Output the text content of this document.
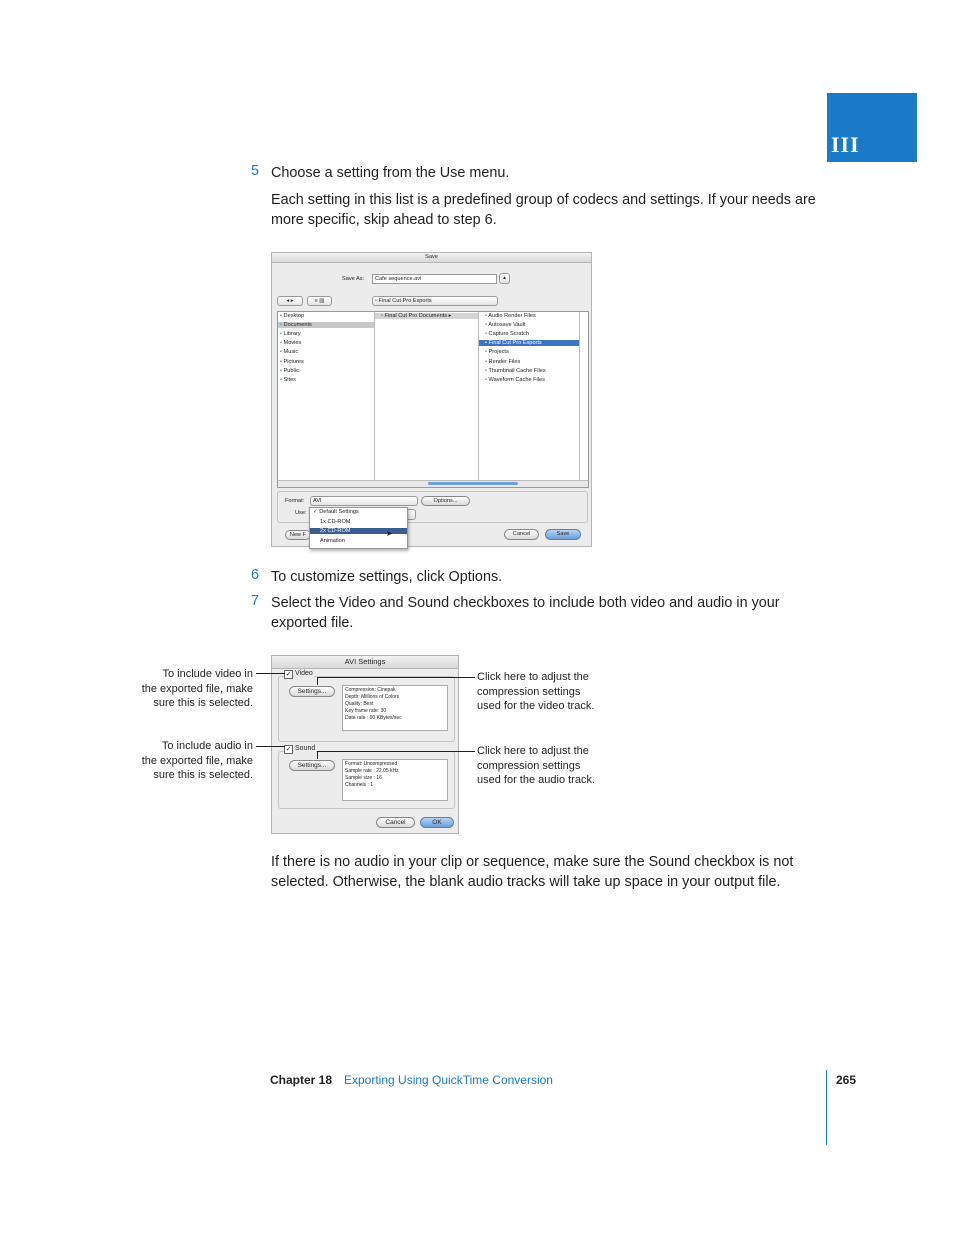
III
5 Choose a setting from the Use menu.
Each setting in this list is a predefined group of codecs and settings. If your needs are more specific, skip ahead to step 6.
Save
Save As:	Cafe sequence.avi	▴
◂ ▸	≡ ▥	▪ Final Cut Pro Exports
▪ Desktop
▪ Documents
▪ Library
▪ Movies
▪ Music
▪ Pictures
▪ Public
▪ Sites
▪ Final Cut Pro Documents ▸	▪ Audio Render Files
▪ Autosave Vault
▪ Capture Scratch
▪ Final Cut Pro Exports
▪ Projects
▪ Render Files
▪ Thumbnail Cache Files
▪ Waveform Cache Files
Format:	AVI	Options...
Use:
New F	Cancel	Save
✓ Default Settings
1x CD-ROM
2x CD-ROM
Animation
➤
6 To customize settings, click Options.
7 Select the Video and Sound checkboxes to include both video and audio in your exported file.
AVI Settings
✓ Video
Settings...	Compression: Cinepak
Depth: Millions of Colors
Quality: Best
Key frame rate: 30
Data rate : 90 KBytes/sec
✓ Sound
Settings...	Format: Uncompressed
Sample rate : 22.05 kHz
Sample size : 16
Channels : 1
Cancel	OK
To include video in
the exported file, make
sure this is selected.
To include audio in
the exported file, make
sure this is selected.
Click here to adjust the
compression settings
used for the video track.
Click here to adjust the
compression settings
used for the audio track.
If there is no audio in your clip or sequence, make sure the Sound checkbox is not selected. Otherwise, the blank audio tracks will take up space in your output file.
Chapter 18 Exporting Using QuickTime Conversion	265
